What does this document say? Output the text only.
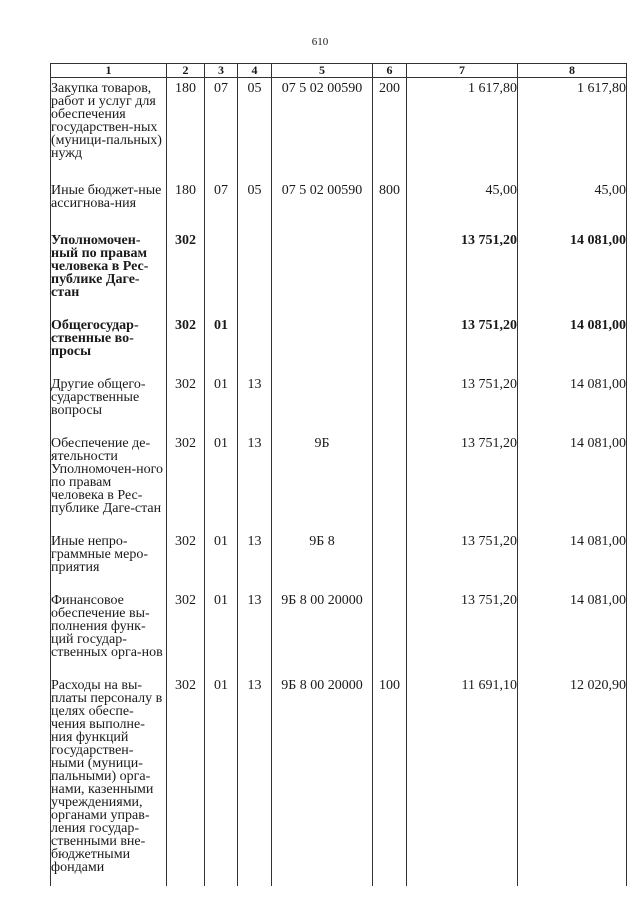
610
1	2	3	4	5	6	7	8
Закупка товаров, работ и услуг для обеспечения государствен-ных (муници-пальных) нужд	180	07	05	07 5 02 00590	200	1 617,80	1 617,80
Иные бюджет-ные ассигнова-ния	180	07	05	07 5 02 00590	800	45,00	45,00
Уполномочен-ный по правам человека в Рес-публике Даге-стан	302					13 751,20	14 081,00
Общегосудар-ственные во-просы	302	01				13 751,20	14 081,00
Другие общего-сударственные вопросы	302	01	13			13 751,20	14 081,00
Обеспечение де-ятельности Уполномочен-ного по правам человека в Рес-публике Даге-стан	302	01	13	9Б		13 751,20	14 081,00
Иные непро-граммные меро-приятия	302	01	13	9Б 8		13 751,20	14 081,00
Финансовое обеспечение вы-полнения функ-ций государ-ственных орга-нов	302	01	13	9Б 8 00 20000		13 751,20	14 081,00
Расходы на вы-платы персоналу в целях обеспе-чения выполне-ния функций государствен-ными (муници-пальными) орга-нами, казенными учреждениями, органами управ-ления государ-ственными вне-бюджетными фондами	302	01	13	9Б 8 00 20000	100	11 691,10	12 020,90
